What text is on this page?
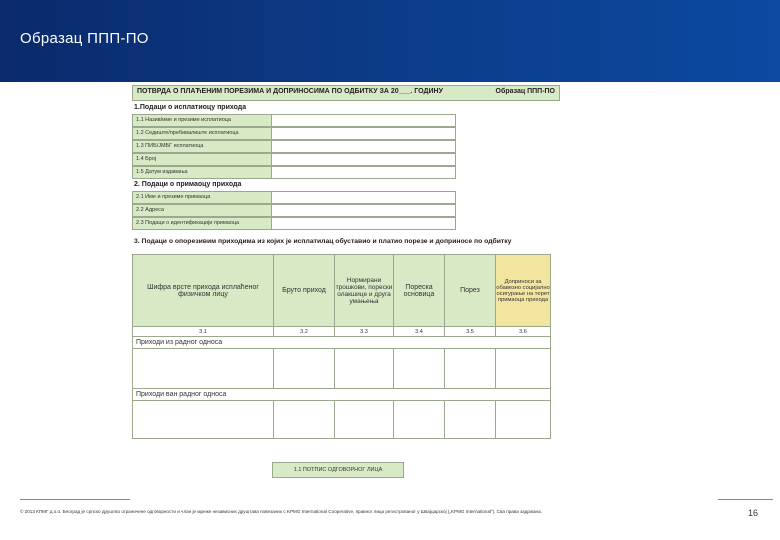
Образац ППП-ПО
ПОТВРДА О ПЛАЋЕНИМ ПОРЕЗИМА И ДОПРИНОСИМА ПО ОДБИТКУ ЗА 20___. ГОДИНУ	Образац ППП-ПО
1.Подаци о исплатиоцу прихода
1.1 Назив/име и презиме исплатиоца
1.2 Седиште/пребивалиште исплатиоца
1.3 ПИБ/ЈМБГ исплатиоца
1.4 Број
1.5 Датум издавања
2. Подаци о примаоцу прихода
2.1 Име и презиме примаоца
2.2 Адреса
2.3 Подаци о идентификацији примаоца
3. Подаци о опорезивим приходима из којих је исплатилац обуставио и платио порезе и доприносе по одбитку
Шифра врсте прихода исплаћеног физичком лицу	Бруто приход	Нормирани трошкови, порески олакшице и друга умањења	Пореска основица	Порез	Доприноси за обавезно социјално осигурање на терет примаоца прихода
3.1	3.2	3.3	3.4	3.5	3.6
Приходи из радног односа					

Приходи ван радног односа					

1.1 ПОТПИС ОДГОВОРНОГ ЛИЦА
© 2013 КПМГ д.о.о. Београд је српско друштво ограничене одговорности и члан је мреже независних друштава повезаних с KPMG International Cooperative, правног лица регистрованог у Швајцарској („KPMG International“). Сва права задржана.	16
